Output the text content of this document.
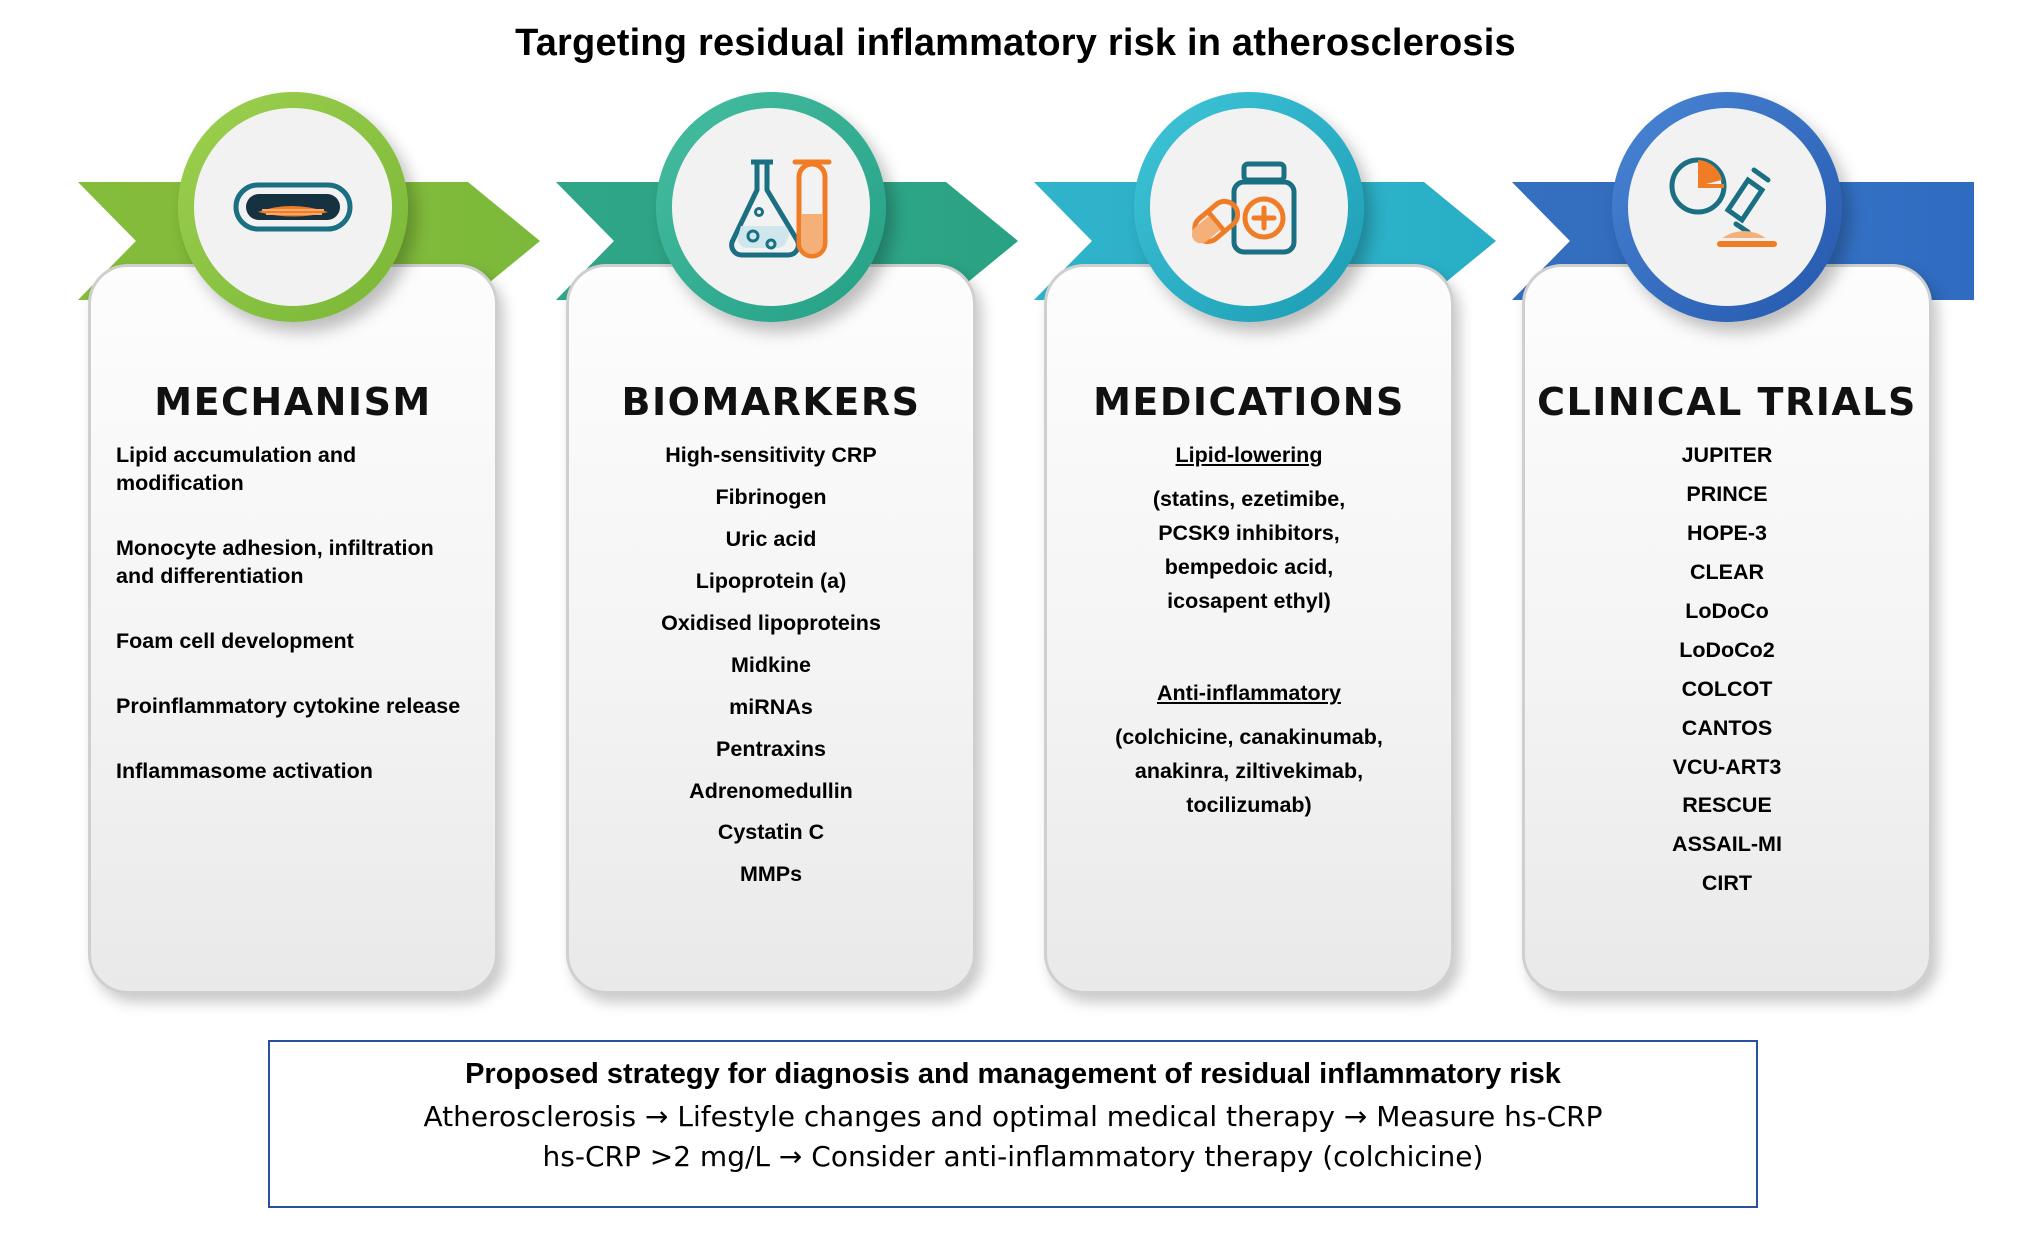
Targeting residual inflammatory risk in atherosclerosis
MECHANISM
Lipid accumulation and modification
Monocyte adhesion, infiltration and differentiation
Foam cell development
Proinflammatory cytokine release
Inflammasome activation
BIOMARKERS
High-sensitivity CRP
Fibrinogen
Uric acid
Lipoprotein (a)
Oxidised lipoproteins
Midkine
miRNAs
Pentraxins
Adrenomedullin
Cystatin C
MMPs
MEDICATIONS
Lipid-lowering
(statins, ezetimibe,
PCSK9 inhibitors,
bempedoic acid,
icosapent ethyl)
Anti-inflammatory
(colchicine, canakinumab,
anakinra, ziltivekimab,
tocilizumab)
CLINICAL TRIALS
JUPITER
PRINCE
HOPE-3
CLEAR
LoDoCo
LoDoCo2
COLCOT
CANTOS
VCU-ART3
RESCUE
ASSAIL-MI
CIRT
Proposed strategy for diagnosis and management of residual inflammatory risk
Atherosclerosis → Lifestyle changes and optimal medical therapy → Measure hs-CRP
hs-CRP >2 mg/L → Consider anti-inflammatory therapy (colchicine)
